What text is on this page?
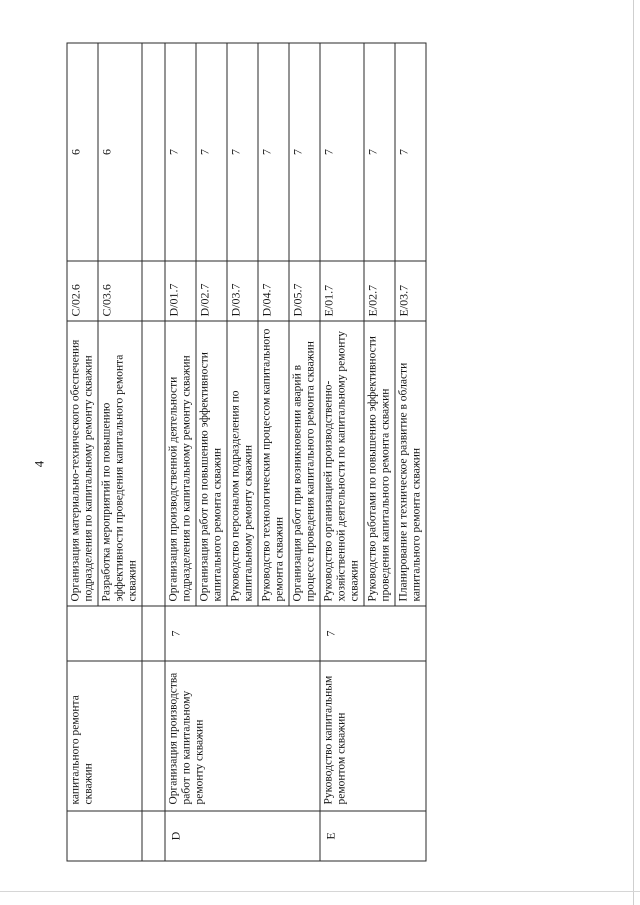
4
	капитального ремонта скважин		Организация материально-технического обеспечения подразделения по капитальному ремонту скважин	C/02.6	6
			Разработка мероприятий по повышению эффективности проведения капитального ремонта скважин	C/03.6	6

D	Организация производства работ по капитальному ремонту скважин	7	Организация производственной деятельности подразделения по капитальному ремонту скважин	D/01.7	7
			Организация работ по повышению эффективности капитального ремонта скважин	D/02.7	7
			Руководство персоналом подразделения по капитальному ремонту скважин	D/03.7	7
			Руководство технологическим процессом капитального ремонта скважин	D/04.7	7
			Организация работ при возникновении аварий в процессе проведения капитального ремонта скважин	D/05.7	7
E	Руководство капитальным ремонтом скважин	7	Руководство организацией производственно-хозяйственной деятельности по капитальному ремонту скважин	E/01.7	7
			Руководство работами по повышению эффективности проведения капитального ремонта скважин	E/02.7	7
			Планирование и техническое развитие в области капитального ремонта скважин	E/03.7	7
